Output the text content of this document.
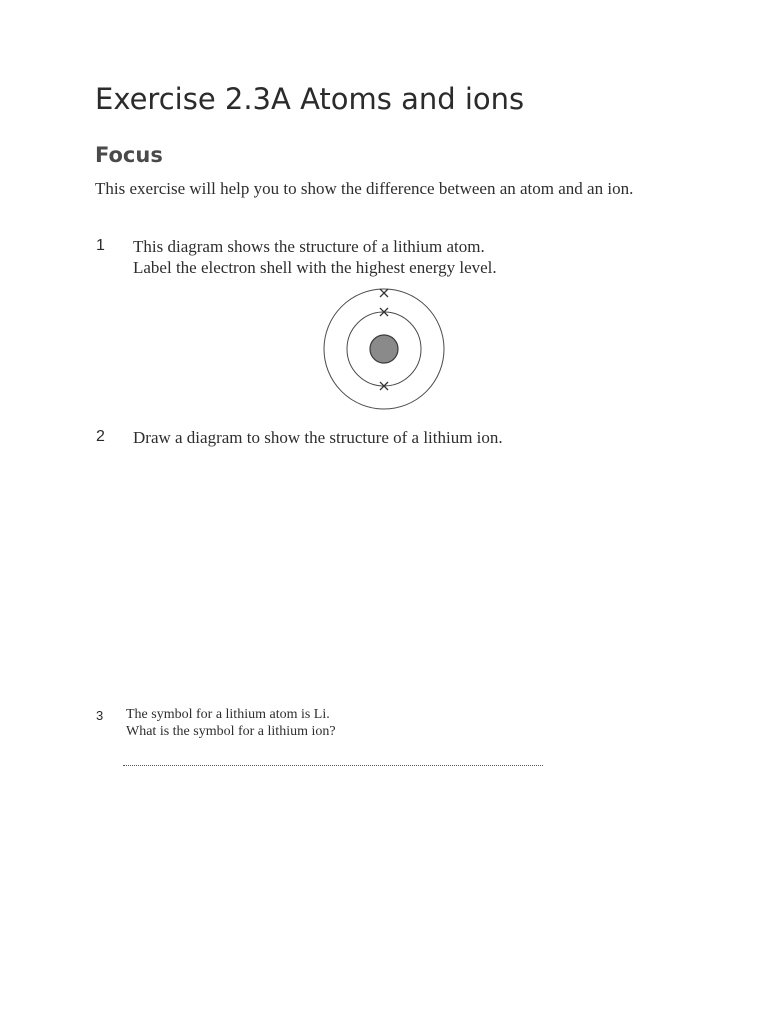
Exercise 2.3A Atoms and ions
Focus

This exercise will help you to show the difference between an atom and an ion.

1 This diagram shows the structure of a lithium atom.
Label the electron shell with the highest energy level.
2 Draw a diagram to show the structure of a lithium ion.
3 The symbol for a lithium atom is Li.
What is the symbol for a lithium ion?
